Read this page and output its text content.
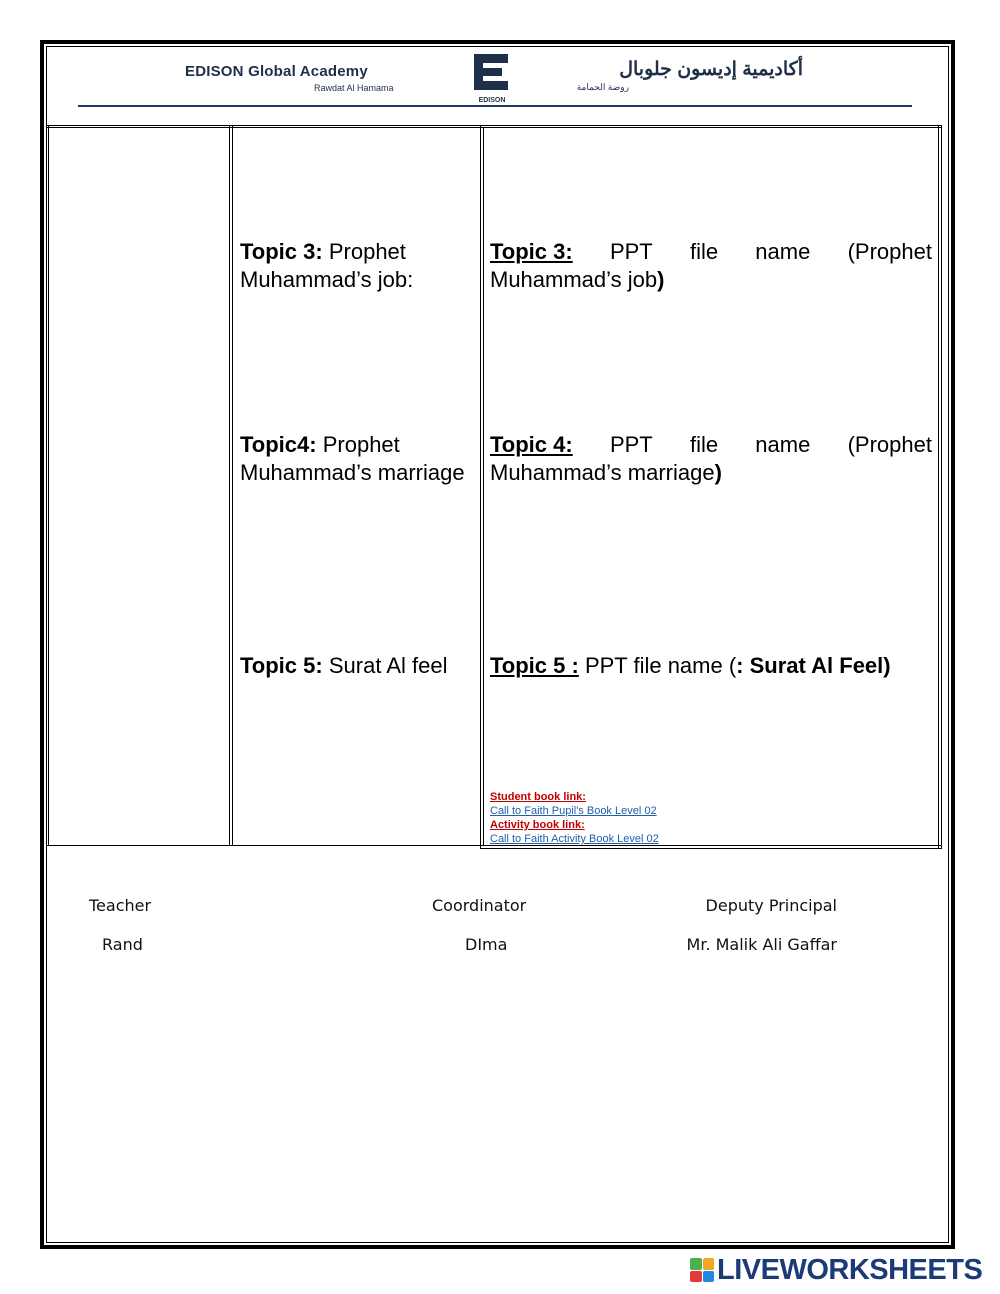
EDISON Global Academy
Rawdat Al Hamama
EDISON
أكاديمية إديسون جلوبال
روضة الحمامة
Topic 3: Prophet Muhammad’s job:
Topic 3: PPT file name (Prophet
Muhammad’s job)
Topic4: Prophet Muhammad’s marriage
Topic 4: PPT file name (Prophet
Muhammad’s marriage)
Topic 5: Surat Al feel	Topic 5 : PPT file name (: Surat Al Feel)
Student book link:
Call to Faith Pupil's Book Level 02
Activity book link:
Call to Faith Activity Book Level 02
Teacher
Rand
Coordinator
DIma
Deputy Principal
Mr. Malik Ali Gaffar
LIVEWORKSHEETS
